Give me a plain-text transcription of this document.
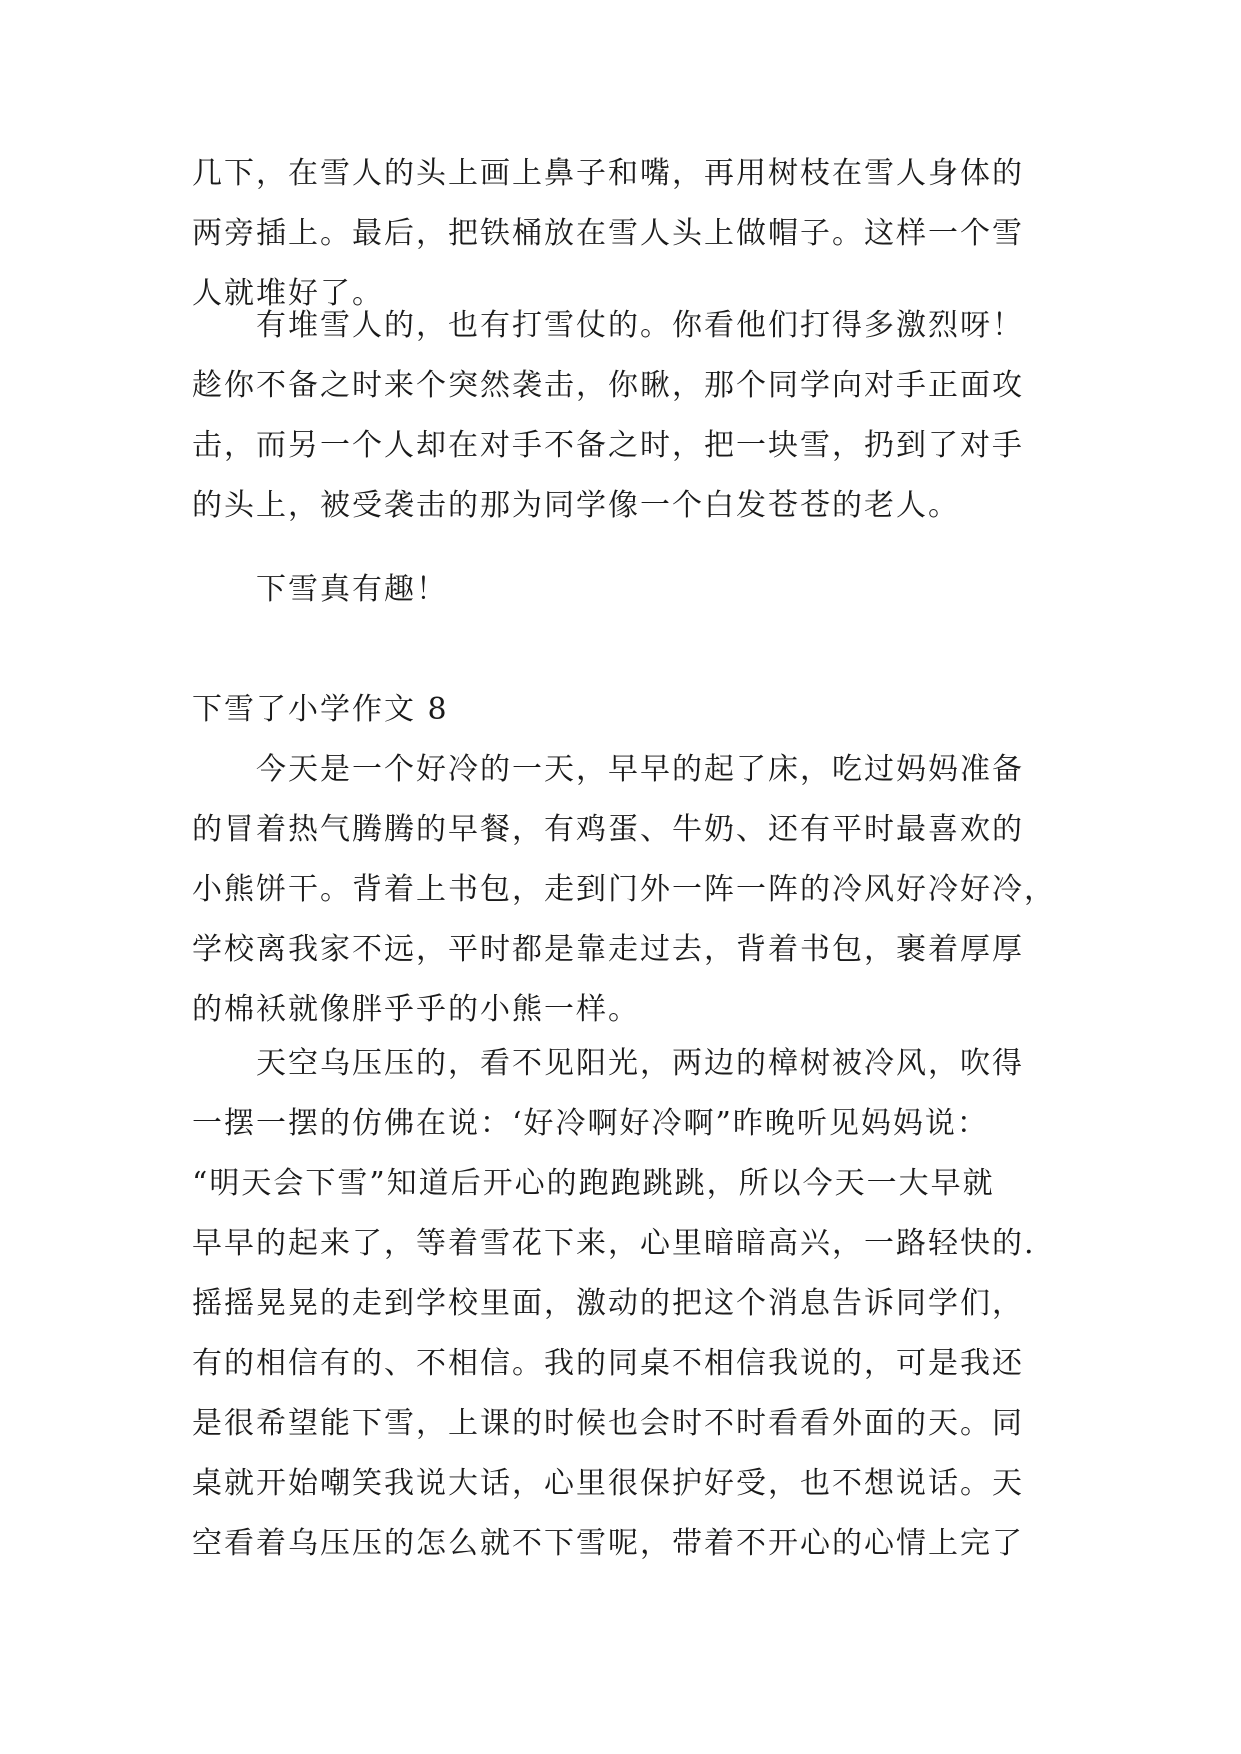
几下，在雪人的头上画上鼻子和嘴，再用树枝在雪人身体的
两旁插上。最后，把铁桶放在雪人头上做帽子。这样一个雪
人就堆好了。
有堆雪人的，也有打雪仗的。你看他们打得多激烈呀！
趁你不备之时来个突然袭击，你瞅，那个同学向对手正面攻
击，而另一个人却在对手不备之时，把一块雪，扔到了对手
的头上，被受袭击的那为同学像一个白发苍苍的老人。
下雪真有趣！
下雪了小学作文 8
今天是一个好冷的一天，早早的起了床，吃过妈妈准备
的冒着热气腾腾的早餐，有鸡蛋、牛奶、还有平时最喜欢的
小熊饼干。背着上书包，走到门外一阵一阵的冷风好冷好冷，
学校离我家不远，平时都是靠走过去，背着书包，裹着厚厚
的棉袄就像胖乎乎的小熊一样。
天空乌压压的，看不见阳光，两边的樟树被冷风，吹得
一摆一摆的仿佛在说：‘好冷啊好冷啊”昨晚听见妈妈说：
“明天会下雪”知道后开心的跑跑跳跳，所以今天一大早就
早早的起来了，等着雪花下来，心里暗暗高兴，一路轻快的.
摇摇晃晃的走到学校里面，激动的把这个消息告诉同学们，
有的相信有的、不相信。我的同桌不相信我说的，可是我还
是很希望能下雪，上课的时候也会时不时看看外面的天。同
桌就开始嘲笑我说大话，心里很保护好受，也不想说话。天
空看着乌压压的怎么就不下雪呢，带着不开心的心情上完了
